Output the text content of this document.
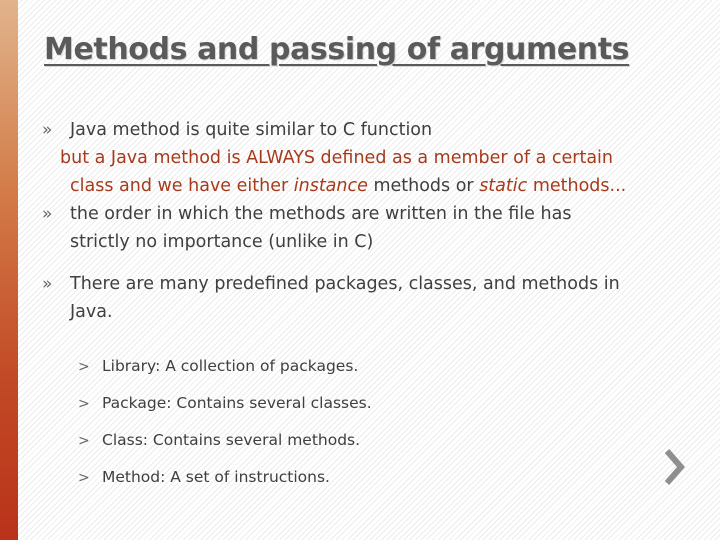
Methods and passing of arguments
» Java method is quite similar to C function
but a Java method is ALWAYS defined as a member of a certain
class and we have either instance methods or static methods...
» the order in which the methods are written in the file has
strictly no importance (unlike in C)
» There are many predefined packages, classes, and methods in
Java.
> Library: A collection of packages.
> Package: Contains several classes.
> Class: Contains several methods.
> Method: A set of instructions.
